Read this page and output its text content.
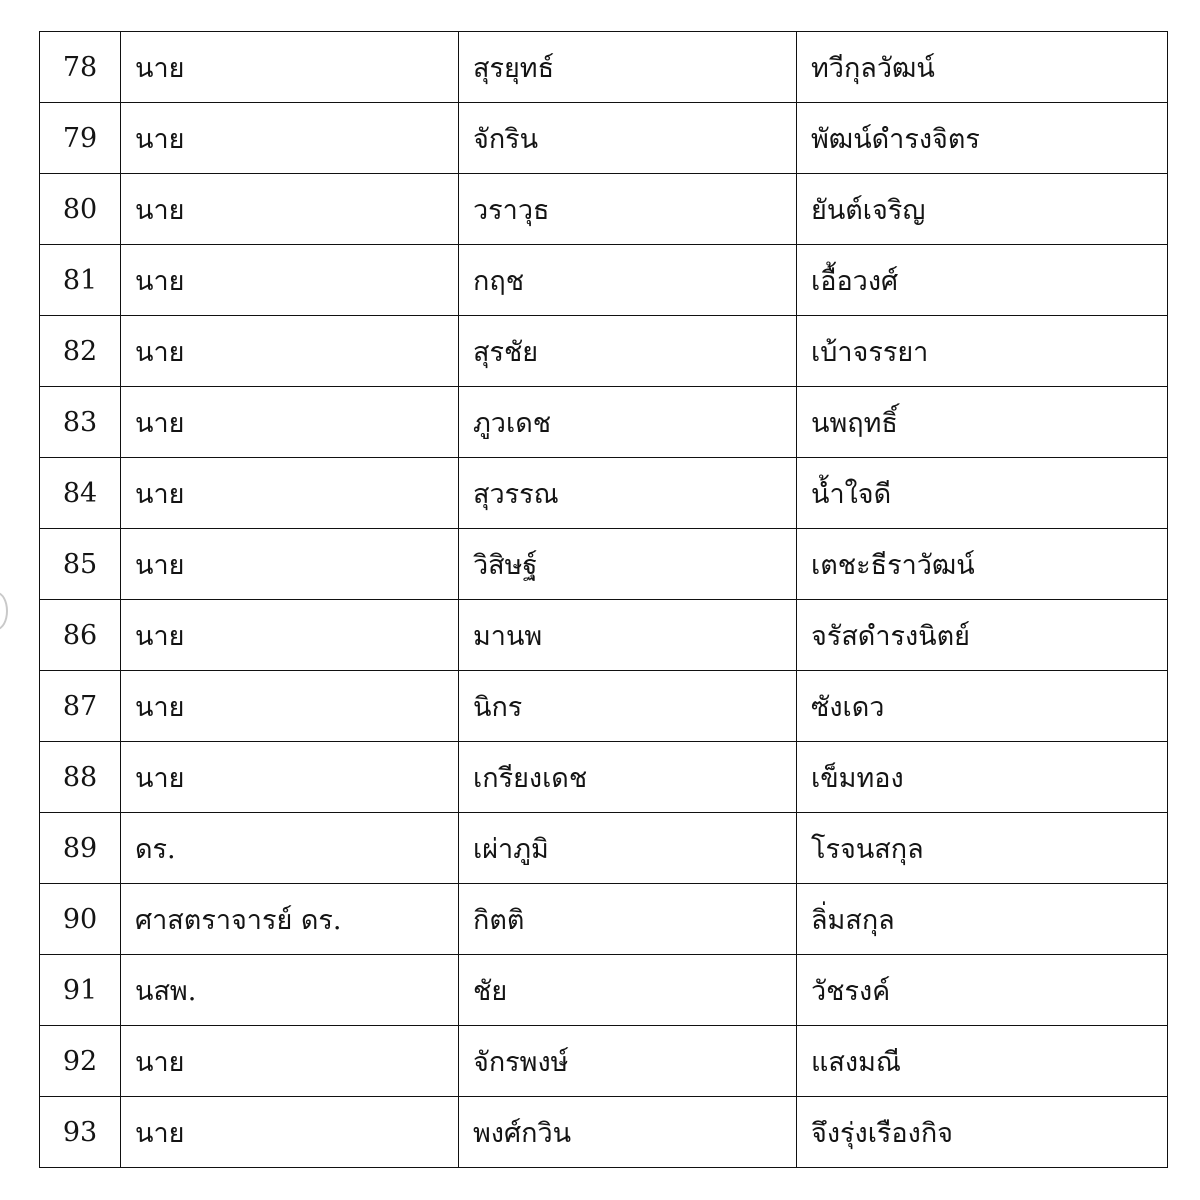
78	นาย	สุรยุทธ์	ทวีกุลวัฒน์
79	นาย	จักริน	พัฒน์ดำรงจิตร
80	นาย	วราวุธ	ยันต์เจริญ
81	นาย	กฤช	เอื้อวงศ์
82	นาย	สุรชัย	เบ้าจรรยา
83	นาย	ภูวเดช	นพฤทธิ์
84	นาย	สุวรรณ	น้ำใจดี
85	นาย	วิสิษฐ์	เตชะธีราวัฒน์
86	นาย	มานพ	จรัสดำรงนิตย์
87	นาย	นิกร	ซังเดว
88	นาย	เกรียงเดช	เข็มทอง
89	ดร.	เผ่าภูมิ	โรจนสกุล
90	ศาสตราจารย์ ดร.	กิตติ	ลิ่มสกุล
91	นสพ.	ชัย	วัชรงค์
92	นาย	จักรพงษ์	แสงมณี
93	นาย	พงศ์กวิน	จึงรุ่งเรืองกิจ
